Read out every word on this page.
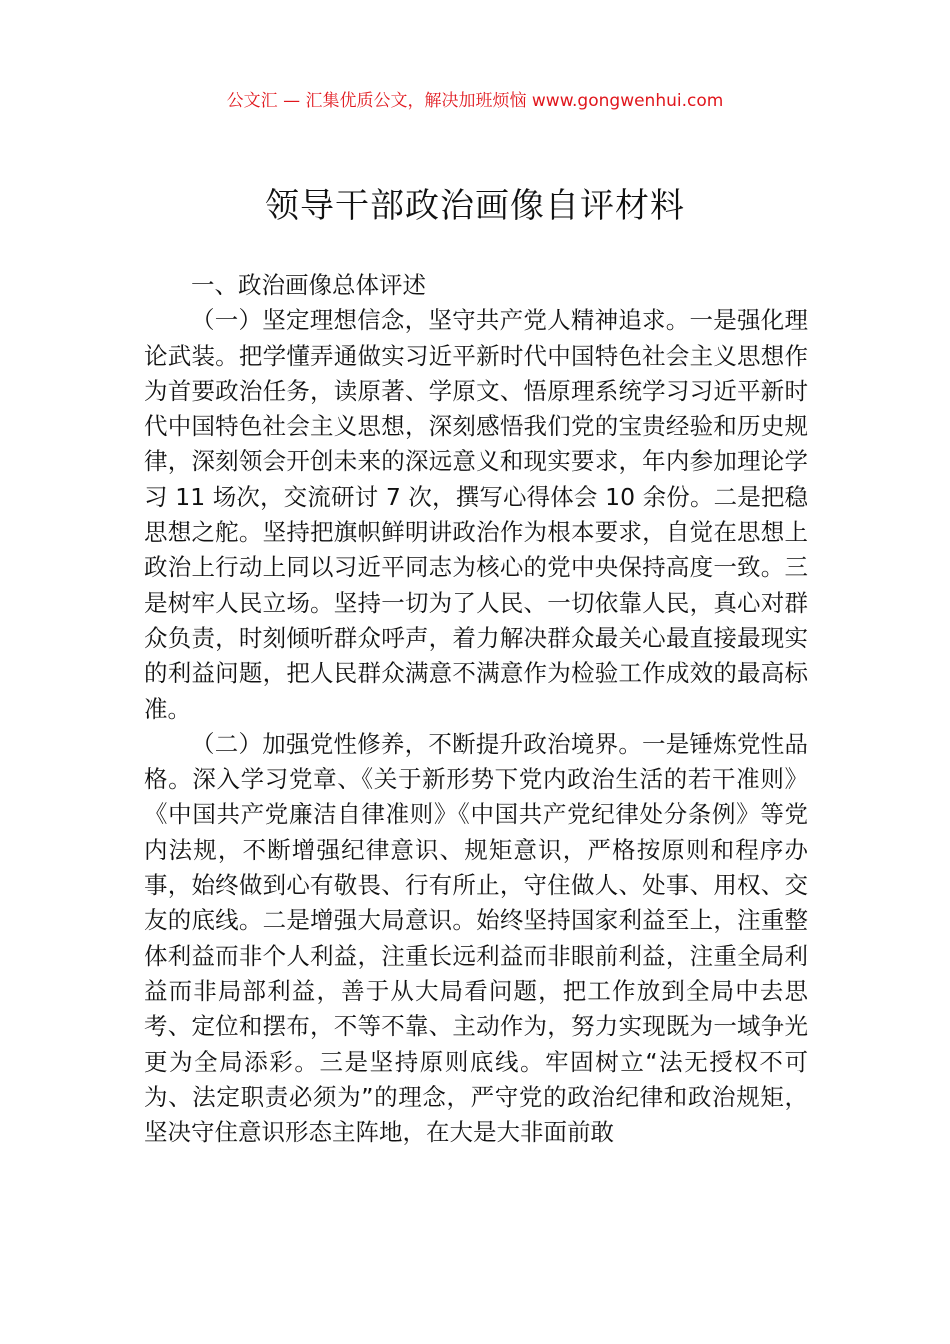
公文汇 — 汇集优质公文，解决加班烦恼 www.gongwenhui.com
领导干部政治画像自评材料

一、政治画像总体评述

（一）坚定理想信念，坚守共产党人精神追求。一是强化理论武装。把学懂弄通做实习近平新时代中国特色社会主义思想作为首要政治任务，读原著、学原文、悟原理系统学习习近平新时代中国特色社会主义思想，深刻感悟我们党的宝贵经验和历史规律，深刻领会开创未来的深远意义和现实要求，年内参加理论学习 11 场次，交流研讨 7 次，撰写心得体会 10 余份。二是把稳思想之舵。坚持把旗帜鲜明讲政治作为根本要求，自觉在思想上政治上行动上同以习近平同志为核心的党中央保持高度一致。三是树牢人民立场。坚持一切为了人民、一切依靠人民，真心对群众负责，时刻倾听群众呼声，着力解决群众最关心最直接最现实的利益问题，把人民群众满意不满意作为检验工作成效的最高标准。

（二）加强党性修养，不断提升政治境界。一是锤炼党性品格。深入学习党章、《关于新形势下党内政治生活的若干准则》《中国共产党廉洁自律准则》《中国共产党纪律处分条例》等党内法规，不断增强纪律意识、规矩意识，严格按原则和程序办事，始终做到心有敬畏、行有所止，守住做人、处事、用权、交友的底线。二是增强大局意识。始终坚持国家利益至上，注重整体利益而非个人利益，注重长远利益而非眼前利益，注重全局利益而非局部利益，善于从大局看问题，把工作放到全局中去思考、定位和摆布，不等不靠、主动作为，努力实现既为一域争光更为全局添彩。三是坚持原则底线。牢固树立“法无授权不可为、法定职责必须为”的理念，严守党的政治纪律和政治规矩，坚决守住意识形态主阵地，在大是大非面前敢
